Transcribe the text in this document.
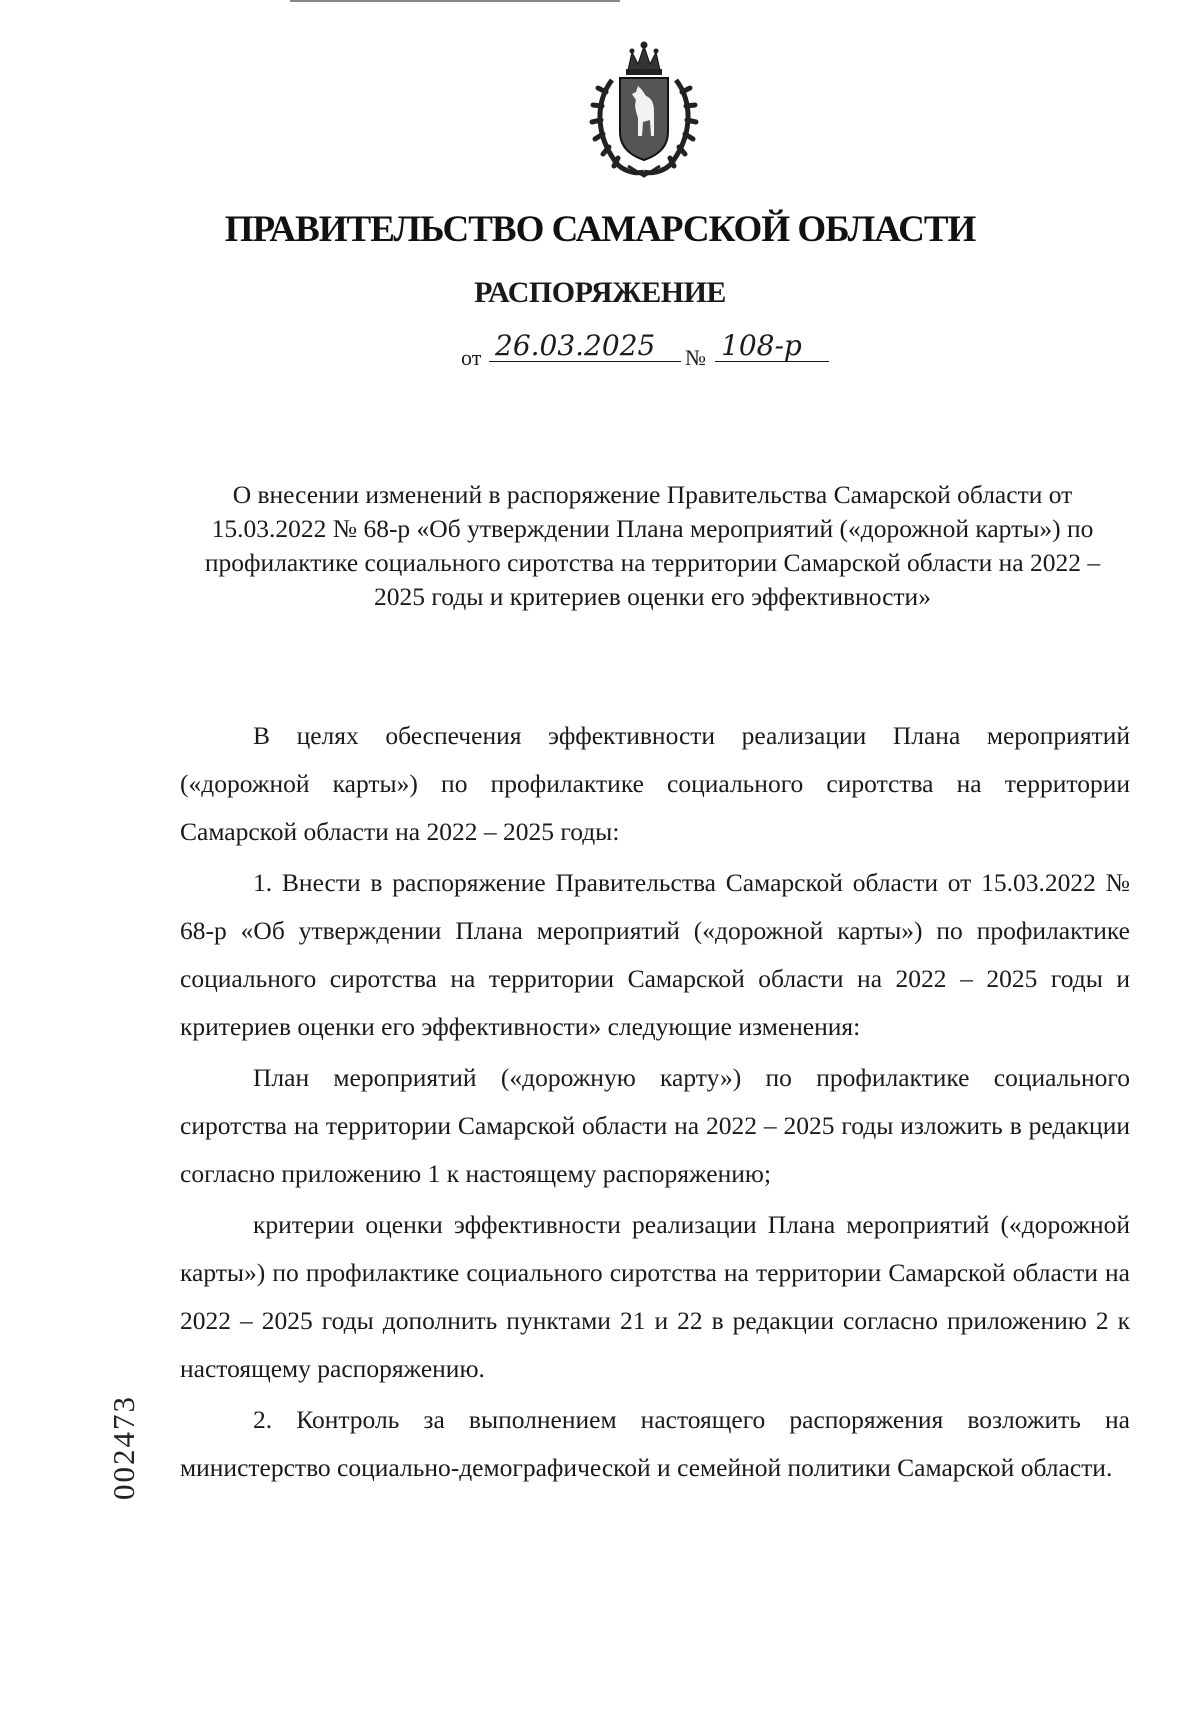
ПРАВИТЕЛЬСТВО САМАРСКОЙ ОБЛАСТИ
РАСПОРЯЖЕНИЕ
от 26.03.2025	№ 108-р

О внесении изменений в распоряжение Правительства Самарской области от 15.03.2022 № 68-р «Об утверждении Плана мероприятий («дорожной карты») по профилактике социального сиротства на территории Самарской области на 2022 – 2025 годы и критериев оценки его эффективности»

В целях обеспечения эффективности реализации Плана мероприятий («дорожной карты») по профилактике социального сиротства на территории Самарской области на 2022 – 2025 годы:

1. Внести в распоряжение Правительства Самарской области от 15.03.2022 № 68-р «Об утверждении Плана мероприятий («дорожной карты») по профилактике социального сиротства на территории Самарской области на 2022 – 2025 годы и критериев оценки его эффективности» следующие изменения:

План мероприятий («дорожную карту») по профилактике социального сиротства на территории Самарской области на 2022 – 2025 годы изложить в редакции согласно приложению 1 к настоящему распоряжению;

критерии оценки эффективности реализации Плана мероприятий («дорожной карты») по профилактике социального сиротства на территории Самарской области на 2022 – 2025 годы дополнить пунктами 21 и 22 в редакции согласно приложению 2 к настоящему распоряжению.

2. Контроль за выполнением настоящего распоряжения возложить на министерство социально-демографической и семейной политики Самарской области.

002473
